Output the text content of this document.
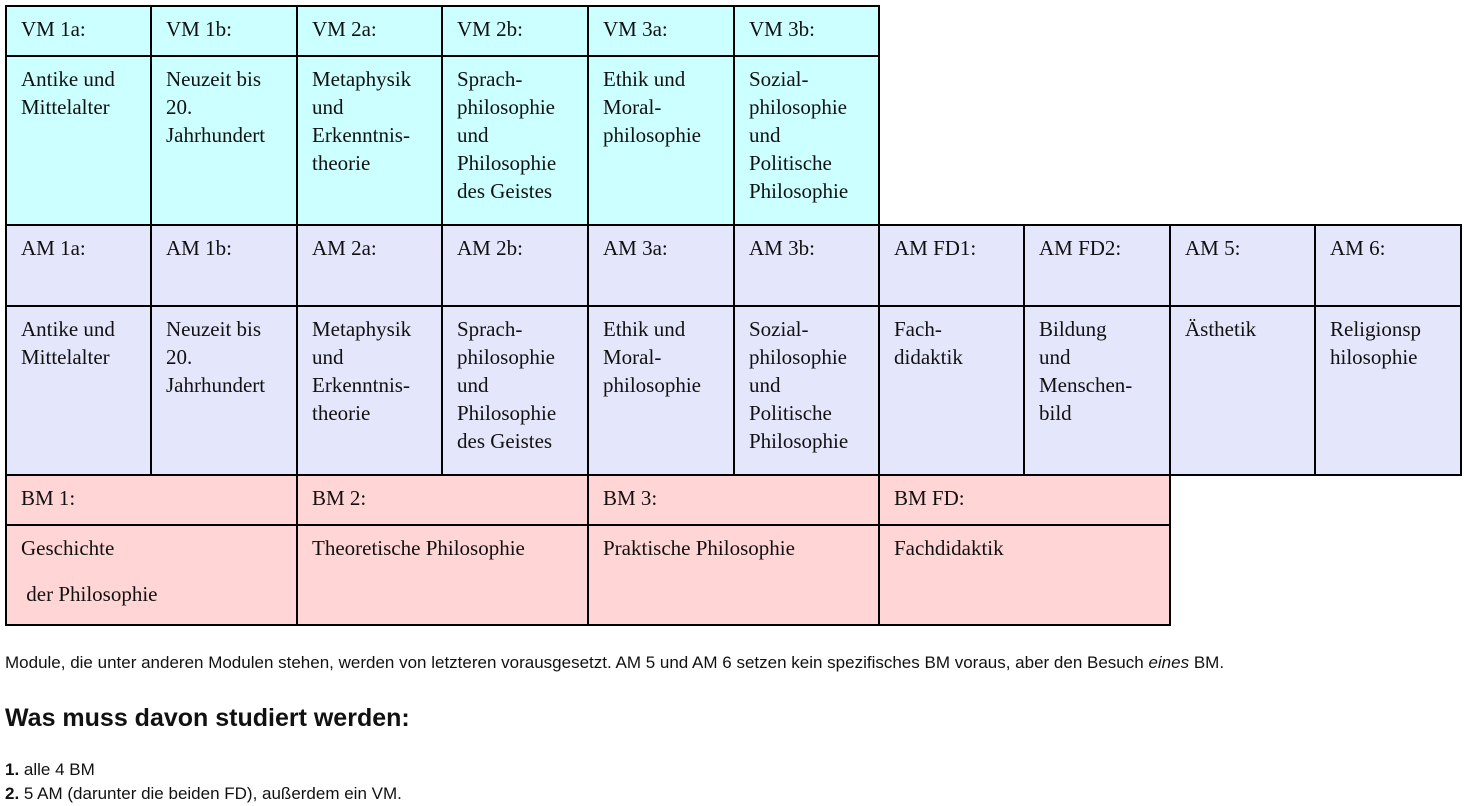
VM 1a:
Antike und
Mittelalter
VM 1b:
Neuzeit bis
20.
Jahrhundert
VM 2a:
Metaphysik
und
Erkenntnis-
theorie
VM 2b:
Sprach-
philosophie
und
Philosophie
des Geistes
VM 3a:
Ethik und
Moral-
philosophie
VM 3b:
Sozial-
philosophie
und
Politische
Philosophie
AM 1a:
Antike und
Mittelalter
AM 1b:
Neuzeit bis
20.
Jahrhundert
AM 2a:
Metaphysik
und
Erkenntnis-
theorie
AM 2b:
Sprach-
philosophie
und
Philosophie
des Geistes
AM 3a:
Ethik und
Moral-
philosophie
AM 3b:
Sozial-
philosophie
und
Politische
Philosophie
AM FD1:
Fach-
didaktik
AM FD2:
Bildung
und
Menschen-
bild
AM 5:
Ästhetik
AM 6:
Religionsp
hilosophie
BM 1:
Geschichte
der Philosophie
BM 2:
Theoretische Philosophie
BM 3:
Praktische Philosophie
BM FD:
Fachdidaktik
Module, die unter anderen Modulen stehen, werden von letzteren vorausgesetzt. AM 5 und AM 6 setzen kein spezifisches BM voraus, aber den Besuch eines BM.
Was muss davon studiert werden:
1. alle 4 BM
2. 5 AM (darunter die beiden FD), außerdem ein VM.
